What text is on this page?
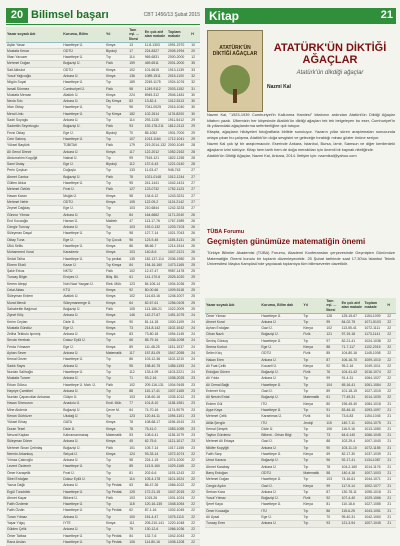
20 Bilimsel başarı	CBT 1456/13 Şubat 2015
Yazar soyadı Adı	Kurumu, Bilim	Yıl	Tam eşl. ... İlkesi	En çok atıf alan makale	Toplam makale	H
Aşkin Yasar	Hacettepe Ü.	Kimya	13	11.8-1303	1991-1970	10
Mustafa Kenar	ODTÜ	Biyoloji	17	224-8327	2005-1994	20
İlhan Yavuzer	Hacettepe Ü.	Tıp	114	965-6831	2000-2000	12
Mehmet Doğan	Boğaziçi Ü.	Fizik	159	469-6511	2001-2000	35
Sait Akbulut	ODTÜ	Kimya	102	101-6615	1913-1139	33
Yusuf Yağcıoğlu	Ankara Ü.	Kimya	136	1089-1511	2015-1100	32
Nilgün Soyal	Hacettepe Ü.	Tıp	189	2249-1175	1924-1076	32
İsmail Sönmez	Cumhuriyet Ü.	Fizik	98	1249-9112	2003-1152	31
Mustafa Mercan	Atatürk Ü.	Kimya	224	8945-312	2546-1481	30
Necla Sılo	Ankara Ü.	Diş Kimya	83	13-82-4	1012-5113	30
İrfan Oktay	Hacettepe Ü.	Tıp	96	7041-0025	2016-1040	30
Meral Unlu	Hacettepe Ü.	Tıp Kimya	182	102-2614	1176-8200	30
Sadri Soyoglu	Ankara Ü.	Tıp	114	293-1135	1911-5412	29
Sadrettin Seyrekoglu	Boğaziçi Ü.	Fizik	93	192-178-211	1812-2113	29
Fevzi Oktay	Ege Ü.	Biyoloji	70	85-1052	1901-7000	29
Cem Satmış	Hacettepe Ü.	Tıp	107	1013-1164	1712-1041	29
Yüksel Baştürk	TÜBİTAK	Fizik	179	219-2014-132	2000-1049	28
Ali Genol Direzir	Ankara Ü.	Kimya	117	122-2012	1052-2162	28
Abdurrahim Koçyiğit	Nainat Ü.	Tıp	99	7515-121	1822-1255	28
Sami Üstay	Ege Ü.	Biyoloji	112	137-6-43	1221-0140	28
Perin Çoşkun	Doğuşlu	Tıp	133	11-03-47	945-743	27
Ahmet Cantuz	Boğaziçi Ü.	Fizik	78	1021-0148	1012-1244	27
Gülten Aktuz	Hacettepe Ü.	Tıp	95	241-1441	1042-1431	27
Mehmet Öztürk	Fırat Ü.	Fizik	127	123-0732	1752-1123	27
Hasan Karan	Muğla Ü.	Kimya	98	134-6-12	1243-3231	27
Mehmet Nehir	ODTÜ	Kimya	105	122-09-2	1124-2142	27
Zeynel Dağdaş	Ege Ü.	Tıp	103	210-6844	1242-3233	27
Günnur Yılmaz	Ankara Ü.	Tıp	84	164-6662	1171-2040	26
Erol Kocaoğlu	Harran Ü.	Matbeh	47	113-17-76	1767-1989	26
Cengiz Tuncay	Ankara Ü.	Tıp	103	192-0-132	1203-7103	26
Süleyman Daşal	Hacettepe Ü.	Tıp	98	127-7-14	1021-7043	26
Oktay Tuna	Ege Ü.	Tıp Çocuk	96	123-9-45	1155-3131	26
Ülkü Sellis	Hacettepe Ü.	Kimya	86	88-66-7	1214-1514	26
Muhammed Vural	Karadeniz	Kimya	103	140-8-6	1047-2121	26
Sedat Talha	Hacettepe Ü.	Tıp pediat.	135	182-137-114	2036-1980	25
Ekrem Ekizli	Kazar Ü.	Tıp Kimya	84	154-16-160	1473-1165	25
Şakir Erkus	NKTÜ	Fizik	102	12-47-47	9987-1478	25
Tuncay Bilgin	Erciyes Ü.	Biliş. Bil.	61	141-170-6	2025-1020	25
Kerem Ateşçi	Nuh Naci Yazgan Ü.	Elek. Müh.	123	84-106-14	1004-1036	25
Celal Aktas	KTÜ	Kimya	92	80-00-66	1009-5118	25
Süleyman Erdem	Atatürk Ü.	Kimya	102	114-63-16	1248-1007	25
Murat Mendi	Süleymanmege Ü.	Kimya	64	82-67-61	1256-0105	25
Sahabettin Bağırsal	Boğaziçi Ü.	Fizik	105	113-186-21	1022-2009	25
Ziynet Kiliç	Ankara Ü.	Kimya	146	142-27-67	1491-1075	24
Kerim Ceylan	Dicle Ü.	Kimya	90	81-14-18	1000-1109	24
Mustafa Gündüz	Ege Ü.	Kimya	73	214-8-142	1102-1042	24
Zeliha Tekbulu Işınmiş	Ankara Ü.	Kimya	83	73-80-18	1094-1145	24
Sevda Yerebak	Dokuz Eylül Ü.	Tıp	66	85-79-16	1336-1098	24
Ferda Yılmazer	Ege Ü.	Kimya	89	111-48-25	1151-1037	24
Ayhan Sever	Ankara Ü.	Matematik	117	157-81-09	1547-2055	24
Kemal Gezer	Hacettepe Ü.	Tıp	86	103-12-36	1102-1210	24
Sadık Sayıs	Ankara Ü.	Tıp	95	198-40-75	1456-1193	24
Nurdan Salihoğlu	Hacettepe Ü.	Tıp	112	133-4-99	1103-2221	24
Mustafa Tuncer	Ankara Ü.	Tıp	71	93-2-16	1038-2025	23
Erkan Göksu	Hacettepe Ü. Mah. Ü.	Fizik	102	209-116-131	1004-9165	23
Hayriye Çamlıbel	Ankara Ü.	Tıp	88	110-17-41	1007-1165	23
Nurdan Çaparcıklar Ankaraa	Gülçin Ü.	Tıp	103	108-60-16	1035-1012	23
Hasan Sinmozon	Anadolu Ü.	Endl. Müh.	77	101-8-10	1138-1081	23
Mine Akdeniz	Boğaziçi Ü.	Çevre M.	64	74-70-16	1174-9079	23
Kenan Gürbüzer	Uludağ Ü.	Tıp	123	120-44-11	1094-1101	23
Yüksel Erbay	GATA	Kimya	78	108-68-17	1196-1043	23
Duran Tesel	Dicle Ü.	Kimya	78	75-41-0	1083-1059	23
Nevzat Kaplan	Kahramanmaraş	Matematik	53	108-6-41	1136-1079	23
Süleyman Döner	Ankara Ü.	Kimya	45	62-75-6	1121-1017	23
Mehmet Sinan Çetintaş	Boğaziçi Ü.	Fizik	101	105-7-14	1017-1155	23
Nermin Arkankuş	Selçuk Ü.	Kimya	124	93-33-14	1072-1074	22
Yılmaz Çakıroğlu	Ankara Ü.	Tıp	98	224-1-15	1074-1000	22
Levent Özdemir	Hacettepe Ü.	Tıp	85	113-5-160	1029-1165	22
Ömer Karaçelik	Fırat Ü.	Tıp	81	202-6-6	1193-1243	22
Sibel Erdoğan	Dokuz Eylül Ü.	Tıp	114	105-4-178	1101-1024	22
Yavuz Dağlı	Ankara Ü.	Tıp Pediat.	63	86-47-26	1066-1022	22
Ergül Tuncbilek	Hacettepe Ü.	Tıp Pediat.	125	172-21-15	1047-2015	22
Ahmet Kaçar	Bilkent Ü.	Fizik	103	1015-26	1001-1024	22
Fatih Özdemir	Hacettepe Ü.	Tıp	118	120-16-135	1048-1054	22
Fatih Özdin	Hacettepe Ü.	Tıp Pediat.	62	87-1-16	1002-1045	22
Turan Yılmaz	Ankara Ü.	Tıp	100	151-4-47	1075-1110	22
Yaşar Yılgıç	İYTE	Kimya	111	205-210-141	1220-1048	22
Gülden Çelik	Ankara Ü.	Tıp	79	130-12-6	1066-1036	22
Ömer Tatbaz	Hacettepe Ü.	Tıp Pediat.	84	132-7-6	1042-1043	22
Rana Arslan	Hacettepe Ü.	Tıp Pediat.	106	114-80-16	1008-1208	22
Kitap	21
ATATÜRK'ÜN DİKTİĞİ AĞAÇLAR	ATATÜRK'ÜN DİKTİĞİ AĞAÇLAR
Atatürk'ün dikdiği ağaçlar
Nazmi Kal

Nazmi Kal, "1923-1939 Cumhuriyet'in Kalkınma Hamlesi" kitabının ardından Atatürk'ün Diktiği Ağaçlar kitabını yazdı. Ülkemizin her köşesinde Atatürk'ün diktiği ağaçları tek tek belgeleyen bu eser, Cumhuriyet'in ilk yıllarındaki ağaçlandırma seferberliğine ışık tutuyor.

Kitapta, ağaçların hikâyeleri fotoğraflarla birlikte sunuluyor. Yazarın yıllar süren araştırmaları sonucunda ortaya çıkan bu çalışma, Atatürk'ün doğa sevgisini ve geleceğe bıraktığı mirası gözler önüne seriyor.

Nazmi Kal çok iyi bir araştırmacıdır. Eserinde Ankara, İstanbul, Bursa, İzmir, Samsun ve diğer kentlerdeki ağaçların izini sürüyor. Kitap hem tarih hem de doğa meraklıları için önemli bir kaynak niteliğinde.

Atatürk'ün Diktiği Ağaçlar, Nazmi Kal, Ankara, 2014. İletişim için: nazmikal@yahoo.com

TÜBA Forumu
Geçmişten günümüze matematiğin önemi

Türkiye Bilimler Akademisi (TÜBA) Forumu, Akademi Konferansları çerçevesinde Geçmişten Günümüze Matematiğin Önemi konulu bir toplantı düzenleyecektir. 25 Şubat tarihinde saat 17.30'da İstanbul Teknik Üniversitesi Maçka Kampüsü'nde yapılacak toplantıya tüm bilimseverler davetlidir.

Yazar soyadı Adı	Kurumu, Bilim dalı	Yıl	Tam eşl. ... İlkesi	En çok atıf alan makale	Toplam makale	H
Ömer Yılmaz	Hacettepe Ü.	Tıp	128	125-15-67	1154-1009	22
Ahmet Kural	Ankara Ü.	Tıp	99	84-02-75	1071-5103	22
Ayhan Erdoğan	Gazi Ü.	Kimya	102	113-55-41	1072-1111	22
Cihan Nazlı	Boğaziçi Ü.	Fizik	121	97-19-18	1173-1141	22
Sevinç Gürsoy	Hacettepe Ü.	Tıp	97	82-21-41	1024-1038	22
Semra Korkut	Ege Ü.	Kimya	88	71-7-117	1102-2015	22
Selim Kılıç	ODTÜ	Fizik	85	104-80-16	1145-1008	22
Hakan Eren	Ankara Ü.	Tıp	87	106-16-70	1009-1010	22
Ali Fuat Çelik	Kocaeli Ü.	Kimya	92	95-2-16	1049-1011	22
Erdoğan Güven	Boğaziçi Ü.	Fizik	76	104-41-42	1016-1074	22
Ali Yıldız	Ankara Ü.	Tıp	99	91-4-31	1064-1027	22
Ali Cemal Bağlı	Hacettepe Ü.	Tıp	104	65-16-41	1061-1084	22
Erdenet Kılıç	Gazi Ü.	Tıp	89	101-18-15	1027-1015	22
Ali Nesrin Erdal	Boğaziçi Ü.	Matematik	61	77-49-31	1014-1030	22
Erdem Gül	İTÜ	Kimya	80	196-45-40	1084-1018	21
Ayşe Kaya	Hacettepe Ü.	Tıp	91	83-46-10	1093-1097	21
Mehmet Çelik	Karaelmas Ü.	Fizik	54	73-6-83	1154-1045	21
Atilla Şengör	İTÜ	Jeoloji	115	140-7-11	1004-1075	21
Kemal Şimşek	Dicle Ü.	Tıp	106	116-9-16	1013-1080	21
Tayfun Gürdeniz	Bilkent - Orhan Bilgi	Tıp	73	64-6-140	1066-1045	21
Mehmet Ali Erkaya	Gazi Ü.	Tıp	88	102-29-4	1007-1040	21
Nilüfer Koçyiğit	Ankara Ü.	Tıp	90	103-11-10	1072-1155	21
Fatih Sarp	Hacettepe Ü.	Kimya	69	82-17-30	1037-1039	21
Umut Karaca	Boğaziçi Ü.	Tıp	96	92-17-41	1134-1087	21
Ahmet Karabay	Ankara Ü.	Tıp	78	104-2-160	1014-1176	21
Barış Erdoğan	ODTÜ	Matematik	58	140-4-16	1007-1003	21
Mehmet Doğan	Hacettepe Ü.	Tıp	103	74-16-61	1044-1071	21
Cengiz Aydın	Gazi Ü.	Kimya	99	117-5-14	1002-1077	21
Serkan Kara	Ankara Ü.	Tıp	87	130-78-11	1055-1018	21
Yusuf Yılmaz	Boğaziçi Ü.	Fizik	92	107-4-40	1029-1066	21
Şeref Kaya	Hacettepe Ü.	Kimya	81	110-18-6	1027-1085	21
Ömer Kocaağa	İTÜ	Tıp	86	115-6-25	1043-1051	21
Ali Uysal	Ege Ü.	Tıp	70	95-40-31	1042-1060	21
Tuncay Eren	Ankara Ü.	Tıp	93	121-3-94	1007-1045	21
